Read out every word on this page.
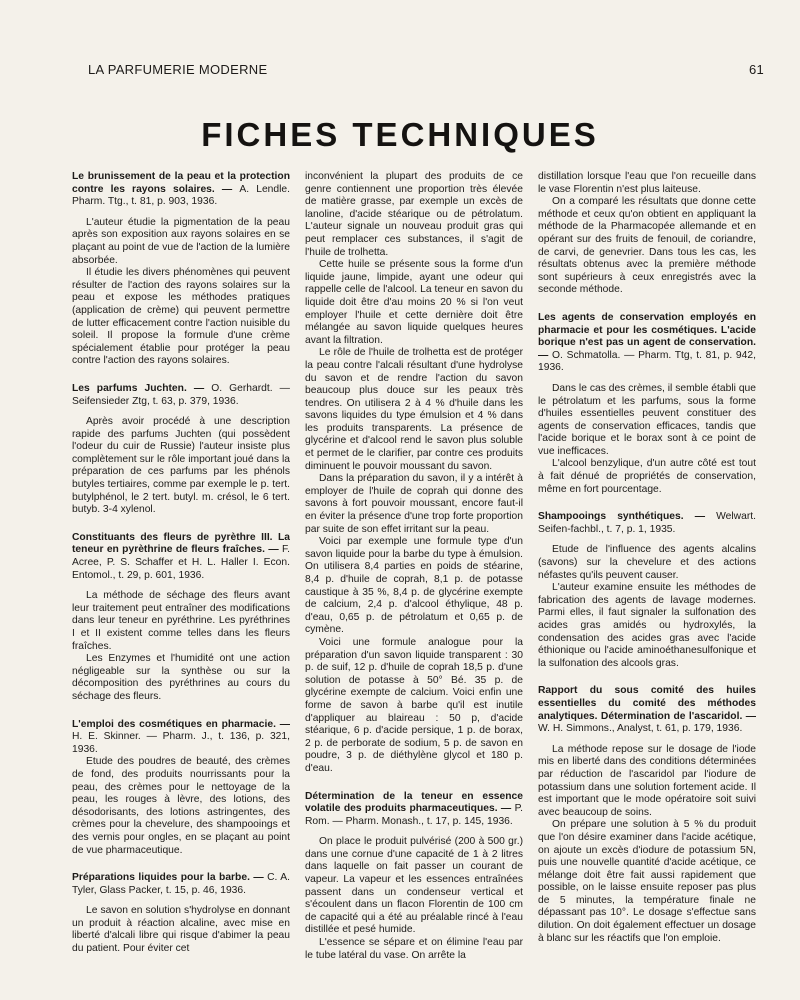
LA PARFUMERIE MODERNE	61
FICHES TECHNIQUES
Le brunissement de la peau et la protection contre les rayons solaires. — A. Lendle. Pharm. Ttg., t. 81, p. 903, 1936.

L'auteur étudie la pigmentation de la peau après son exposition aux rayons solaires en se plaçant au point de vue de l'action de la lumière absorbée.

Il étudie les divers phénomènes qui peuvent résulter de l'action des rayons solaires sur la peau et expose les méthodes pratiques (application de crème) qui peuvent permettre de lutter efficacement contre l'action nuisible du soleil. Il propose la formule d'une crème spécialement établie pour protéger la peau contre l'action des rayons solaires.

Les parfums Juchten. — O. Gerhardt. — Seifensieder Ztg, t. 63, p. 379, 1936.

Après avoir procédé à une description rapide des parfums Juchten (qui possèdent l'odeur du cuir de Russie) l'auteur insiste plus complètement sur le rôle important joué dans la préparation de ces parfums par les phénols butyles tertiaires, comme par exemple le p. tert. butylphénol, le 2 tert. butyl. m. crésol, le 6 tert. butyb. 3-4 xylenol.

Constituants des fleurs de pyrèthre III. La teneur en pyrèthrine de fleurs fraîches. — F. Acree, P. S. Schaffer et H. L. Haller I. Econ. Entomol., t. 29, p. 601, 1936.

La méthode de séchage des fleurs avant leur traitement peut entraîner des modifications dans leur teneur en pyréthrine. Les pyréthrines I et II existent comme telles dans les fleurs fraîches.

Les Enzymes et l'humidité ont une action négligeable sur la synthèse ou sur la décomposition des pyréthrines au cours du séchage des fleurs.

L'emploi des cosmétiques en pharmacie. — H. E. Skinner. — Pharm. J., t. 136, p. 321, 1936.

Etude des poudres de beauté, des crèmes de fond, des produits nourrissants pour la peau, des crèmes pour le nettoyage de la peau, les rouges à lèvre, des lotions, des désodorisants, des lotions astringentes, des crèmes pour la chevelure, des shampooings et des vernis pour ongles, en se plaçant au point de vue pharmaceutique.

Préparations liquides pour la barbe. — C. A. Tyler, Glass Packer, t. 15, p. 46, 1936.

Le savon en solution s'hydrolyse en donnant un produit à réaction alcaline, avec mise en liberté d'alcali libre qui risque d'abimer la peau du patient. Pour éviter cet

inconvénient la plupart des produits de ce genre contiennent une proportion très élevée de matière grasse, par exemple un excès de lanoline, d'acide stéarique ou de pétrolatum. L'auteur signale un nouveau produit gras qui peut remplacer ces substances, il s'agit de l'huile de trolhetta.

Cette huile se présente sous la forme d'un liquide jaune, limpide, ayant une odeur qui rappelle celle de l'alcool. La teneur en savon du liquide doit être d'au moins 20 % si l'on veut employer l'huile et cette dernière doit être mélangée au savon liquide quelques heures avant la filtration.

Le rôle de l'huile de trolhetta est de protéger la peau contre l'alcali résultant d'une hydrolyse du savon et de rendre l'action du savon beaucoup plus douce sur les peaux très tendres. On utilisera 2 à 4 % d'huile dans les savons liquides du type émulsion et 4 % dans les produits transparents. La présence de glycérine et d'alcool rend le savon plus soluble et permet de le clarifier, par contre ces produits diminuent le pouvoir moussant du savon.

Dans la préparation du savon, il y a intérêt à employer de l'huile de coprah qui donne des savons à fort pouvoir moussant, encore faut-il en éviter la présence d'une trop forte proportion par suite de son effet irritant sur la peau.

Voici par exemple une formule type d'un savon liquide pour la barbe du type à émulsion. On utilisera 8,4 parties en poids de stéarine, 8,4 p. d'huile de coprah, 8,1 p. de potasse caustique à 35 %, 8,4 p. de glycérine exempte de calcium, 2,4 p. d'alcool éthylique, 48 p. d'eau, 0,65 p. de pétrolatum et 0,65 p. de cymène.

Voici une formule analogue pour la préparation d'un savon liquide transparent : 30 p. de suif, 12 p. d'huile de coprah 18,5 p. d'une solution de potasse à 50° Bé. 35 p. de glycérine exempte de calcium. Voici enfin une forme de savon à barbe qu'il est inutile d'appliquer au blaireau : 50 p, d'acide stéarique, 6 p. d'acide persique, 1 p. de borax, 2 p. de perborate de sodium, 5 p. de savon en poudre, 3 p. de diéthylène glycol et 180 p. d'eau.

Détermination de la teneur en essence volatile des produits pharmaceutiques. — P. Rom. — Pharm. Monash., t. 17, p. 145, 1936.

On place le produit pulvérisé (200 à 500 gr.) dans une cornue d'une capacité de 1 à 2 litres dans laquelle on fait passer un courant de vapeur. La vapeur et les essences entraînées passent dans un condenseur vertical et s'écoulent dans un flacon Florentin de 100 cm de capacité qui a été au préalable rincé à l'eau distillée et pesé humide.

L'essence se sépare et on élimine l'eau par le tube latéral du vase. On arrête la

distillation lorsque l'eau que l'on recueille dans le vase Florentin n'est plus laiteuse.

On a comparé les résultats que donne cette méthode et ceux qu'on obtient en appliquant la méthode de la Pharmacopée allemande et en opérant sur des fruits de fenouil, de coriandre, de carvi, de genevrier. Dans tous les cas, les résultats obtenus avec la première méthode sont supérieurs à ceux enregistrés avec la seconde méthode.

Les agents de conservation employés en pharmacie et pour les cosmétiques. L'acide borique n'est pas un agent de conservation. — O. Schmatolla. — Pharm. Ttg, t. 81, p. 942, 1936.

Dans le cas des crèmes, il semble établi que le pétrolatum et les parfums, sous la forme d'huiles essentielles peuvent constituer des agents de conservation efficaces, tandis que l'acide borique et le borax sont à ce point de vue inefficaces.

L'alcool benzylique, d'un autre côté est tout à fait dénué de propriétés de conservation, même en fort pourcentage.

Shampooings synthétiques. — Welwart. Seifen-fachbl., t. 7, p. 1, 1935.

Etude de l'influence des agents alcalins (savons) sur la chevelure et des actions néfastes qu'ils peuvent causer.

L'auteur examine ensuite les méthodes de fabrication des agents de lavage modernes. Parmi elles, il faut signaler la sulfonation des acides gras amidés ou hydroxylés, la condensation des acides gras avec l'acide éthionique ou l'acide aminoéthanesulfonique et la sulfonation des alcools gras.

Rapport du sous comité des huiles essentielles du comité des méthodes analytiques. Détermination de l'ascaridol. — W. H. Simmons., Analyst, t. 61, p. 179, 1936.

La méthode repose sur le dosage de l'iode mis en liberté dans des conditions déterminées par réduction de l'ascaridol par l'iodure de potassium dans une solution fortement acide. Il est important que le mode opératoire soit suivi avec beaucoup de soins.

On prépare une solution à 5 % du produit que l'on désire examiner dans l'acide acétique, on ajoute un excès d'iodure de potassium 5N, puis une nouvelle quantité d'acide acétique, ce mélange doit être fait aussi rapidement que possible, on le laisse ensuite reposer pas plus de 5 minutes, la température finale ne dépassant pas 10°. Le dosage s'effectue sans dilution. On doit également effectuer un dosage à blanc sur les réactifs que l'on emploie.
